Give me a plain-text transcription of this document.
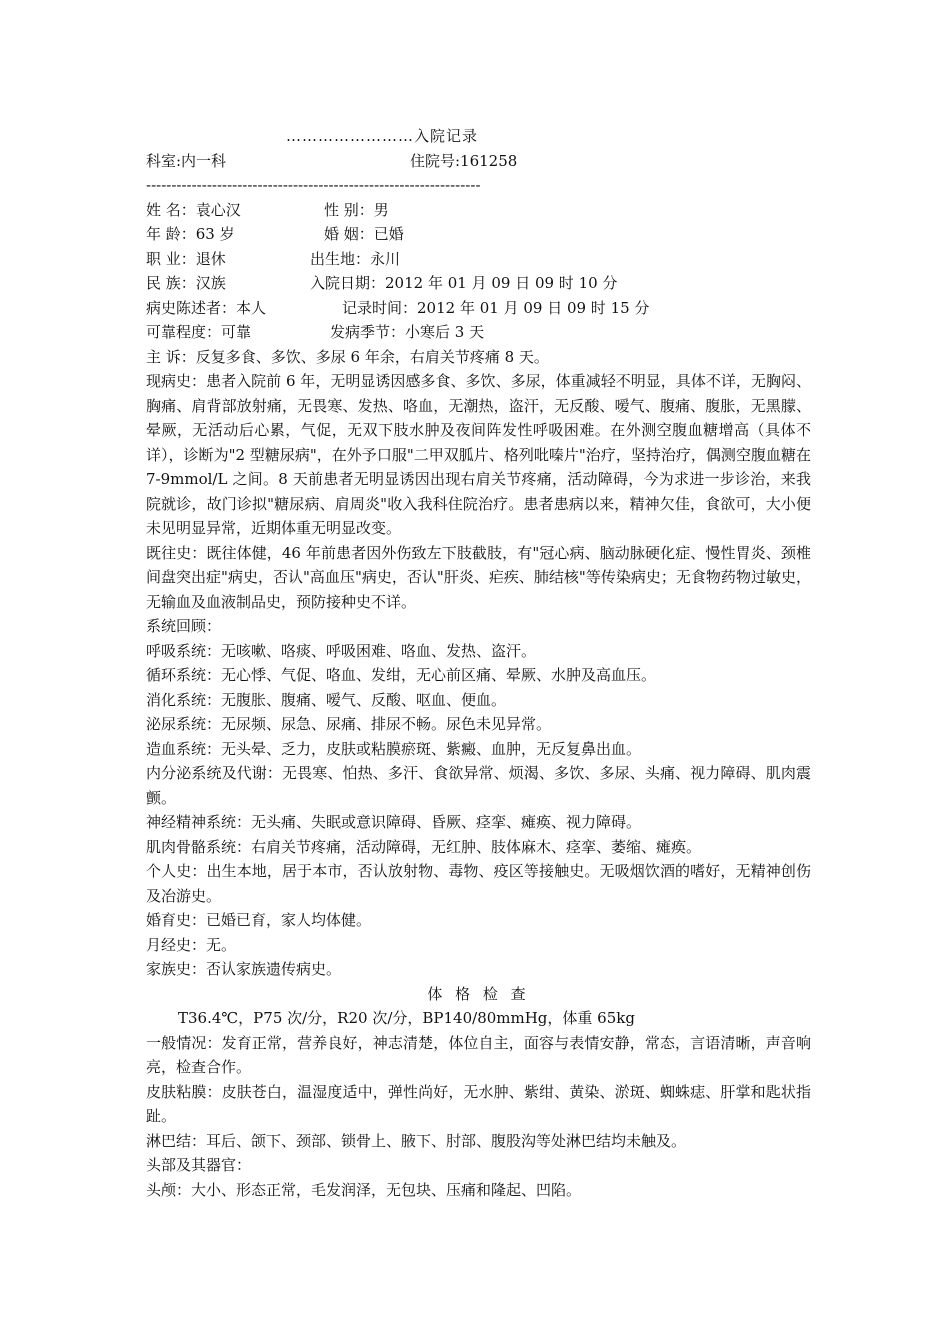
……………………入院记录
科室:内一科	住院号:161258
------------------------------------------------------------------
姓 名：袁心汉	性 别：男
年 龄：63 岁	婚 姻：已婚
职 业：退休	出生地：永川
民 族：汉族	入院日期：2012 年 01 月 09 日 09 时 10 分
病史陈述者：本人	记录时间：2012 年 01 月 09 日 09 时 15 分
可靠程度：可靠	发病季节：小寒后 3 天
主 诉：反复多食、多饮、多尿 6 年余，右肩关节疼痛 8 天。
现病史：患者入院前 6 年，无明显诱因感多食、多饮、多尿，体重减轻不明显，具体不详，无胸闷、胸痛、肩背部放射痛，无畏寒、发热、咯血，无潮热，盗汗，无反酸、嗳气、腹痛、腹胀，无黑朦、晕厥，无活动后心累，气促，无双下肢水肿及夜间阵发性呼吸困难。在外测空腹血糖增高（具体不详），诊断为"2 型糖尿病"，在外予口服"二甲双胍片、格列吡嗪片"治疗，坚持治疗，偶测空腹血糖在 7-9mmol/L 之间。8 天前患者无明显诱因出现右肩关节疼痛，活动障碍，今为求进一步诊治，来我院就诊，故门诊拟"糖尿病、肩周炎"收入我科住院治疗。患者患病以来，精神欠佳，食欲可，大小便未见明显异常，近期体重无明显改变。
既往史：既往体健，46 年前患者因外伤致左下肢截肢，有"冠心病、脑动脉硬化症、慢性胃炎、颈椎间盘突出症"病史，否认"高血压"病史，否认"肝炎、疟疾、肺结核"等传染病史；无食物药物过敏史，无输血及血液制品史，预防接种史不详。
系统回顾：
呼吸系统：无咳嗽、咯痰、呼吸困难、咯血、发热、盗汗。
循环系统：无心悸、气促、咯血、发绀，无心前区痛、晕厥、水肿及高血压。
消化系统：无腹胀、腹痛、嗳气、反酸、呕血、便血。
泌尿系统：无尿频、尿急、尿痛、排尿不畅。尿色未见异常。
造血系统：无头晕、乏力，皮肤或粘膜瘀斑、紫癜、血肿，无反复鼻出血。
内分泌系统及代谢：无畏寒、怕热、多汗、食欲异常、烦渴、多饮、多尿、头痛、视力障碍、肌肉震颤。
神经精神系统：无头痛、失眠或意识障碍、昏厥、痉挛、瘫痪、视力障碍。
肌肉骨骼系统：右肩关节疼痛，活动障碍，无红肿、肢体麻木、痉挛、萎缩、瘫痪。
个人史：出生本地，居于本市，否认放射物、毒物、疫区等接触史。无吸烟饮酒的嗜好，无精神创伤及冶游史。
婚育史：已婚已育，家人均体健。
月经史：无。
家族史：否认家族遗传病史。
体 格 检 查
T36.4℃，P75 次/分，R20 次/分，BP140/80mmHg，体重 65kg
一般情况：发育正常，营养良好，神志清楚，体位自主，面容与表情安静，常态，言语清晰，声音响亮，检查合作。
皮肤粘膜：皮肤苍白，温湿度适中，弹性尚好，无水肿、紫绀、黄染、淤斑、蜘蛛痣、肝掌和匙状指趾。
淋巴结：耳后、颌下、颈部、锁骨上、腋下、肘部、腹股沟等处淋巴结均未触及。
头部及其器官：
头颅：大小、形态正常，毛发润泽，无包块、压痛和隆起、凹陷。
